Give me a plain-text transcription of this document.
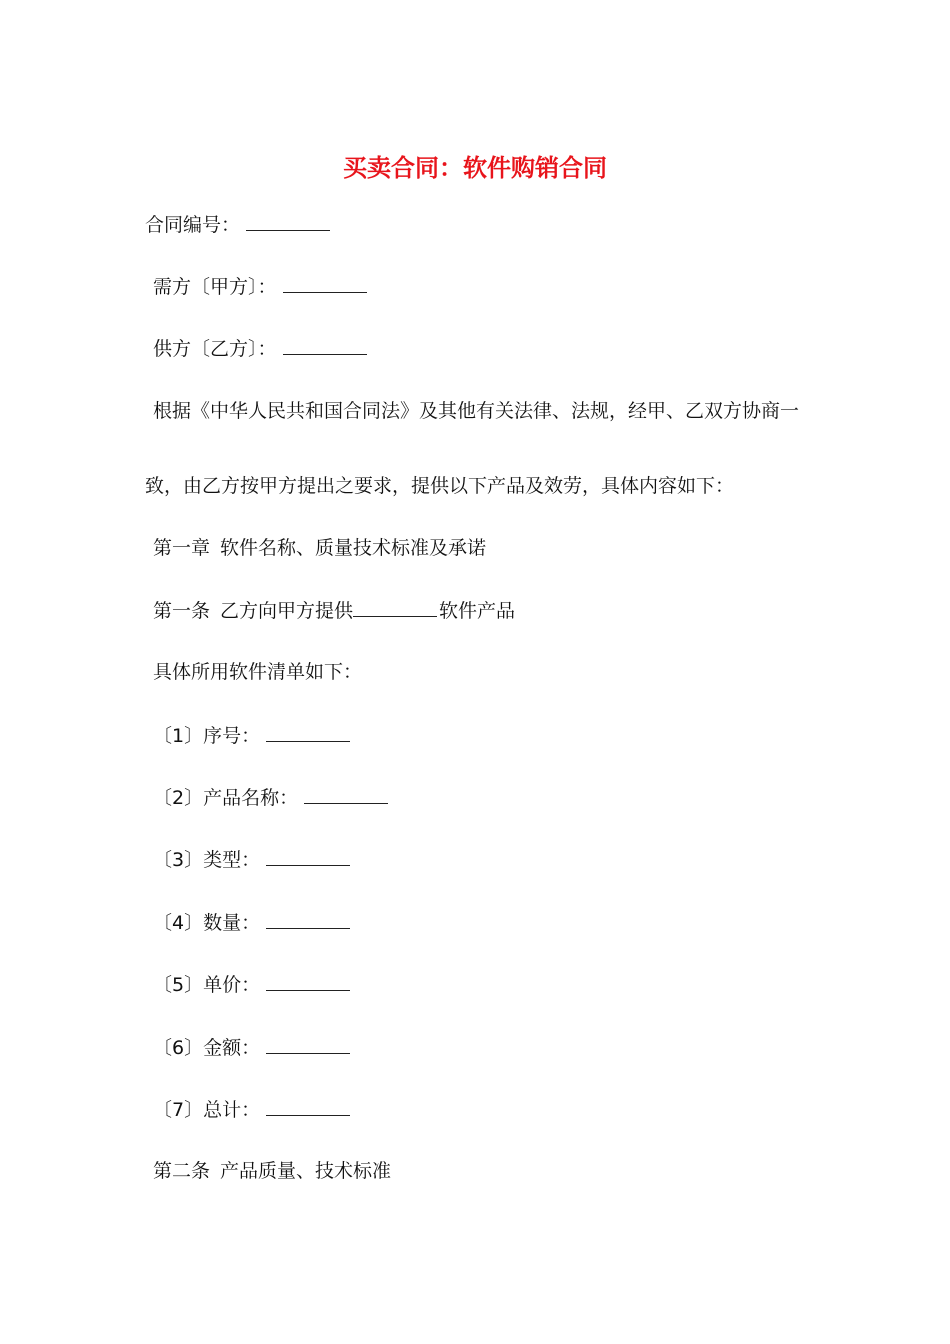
买卖合同：软件购销合同
合同编号：
需方〔甲方〕：
供方〔乙方〕：
根据《中华人民共和国合同法》及其他有关法律、法规，经甲、乙双方协商一
致，由乙方按甲方提出之要求，提供以下产品及效劳，具体内容如下：
第一章 软件名称、质量技术标准及承诺
第一条 乙方向甲方提供	软件产品
具体所用软件清单如下：
〔1〕序号：
〔2〕产品名称：
〔3〕类型：
〔4〕数量：
〔5〕单价：
〔6〕金额：
〔7〕总计：
第二条 产品质量、技术标准
